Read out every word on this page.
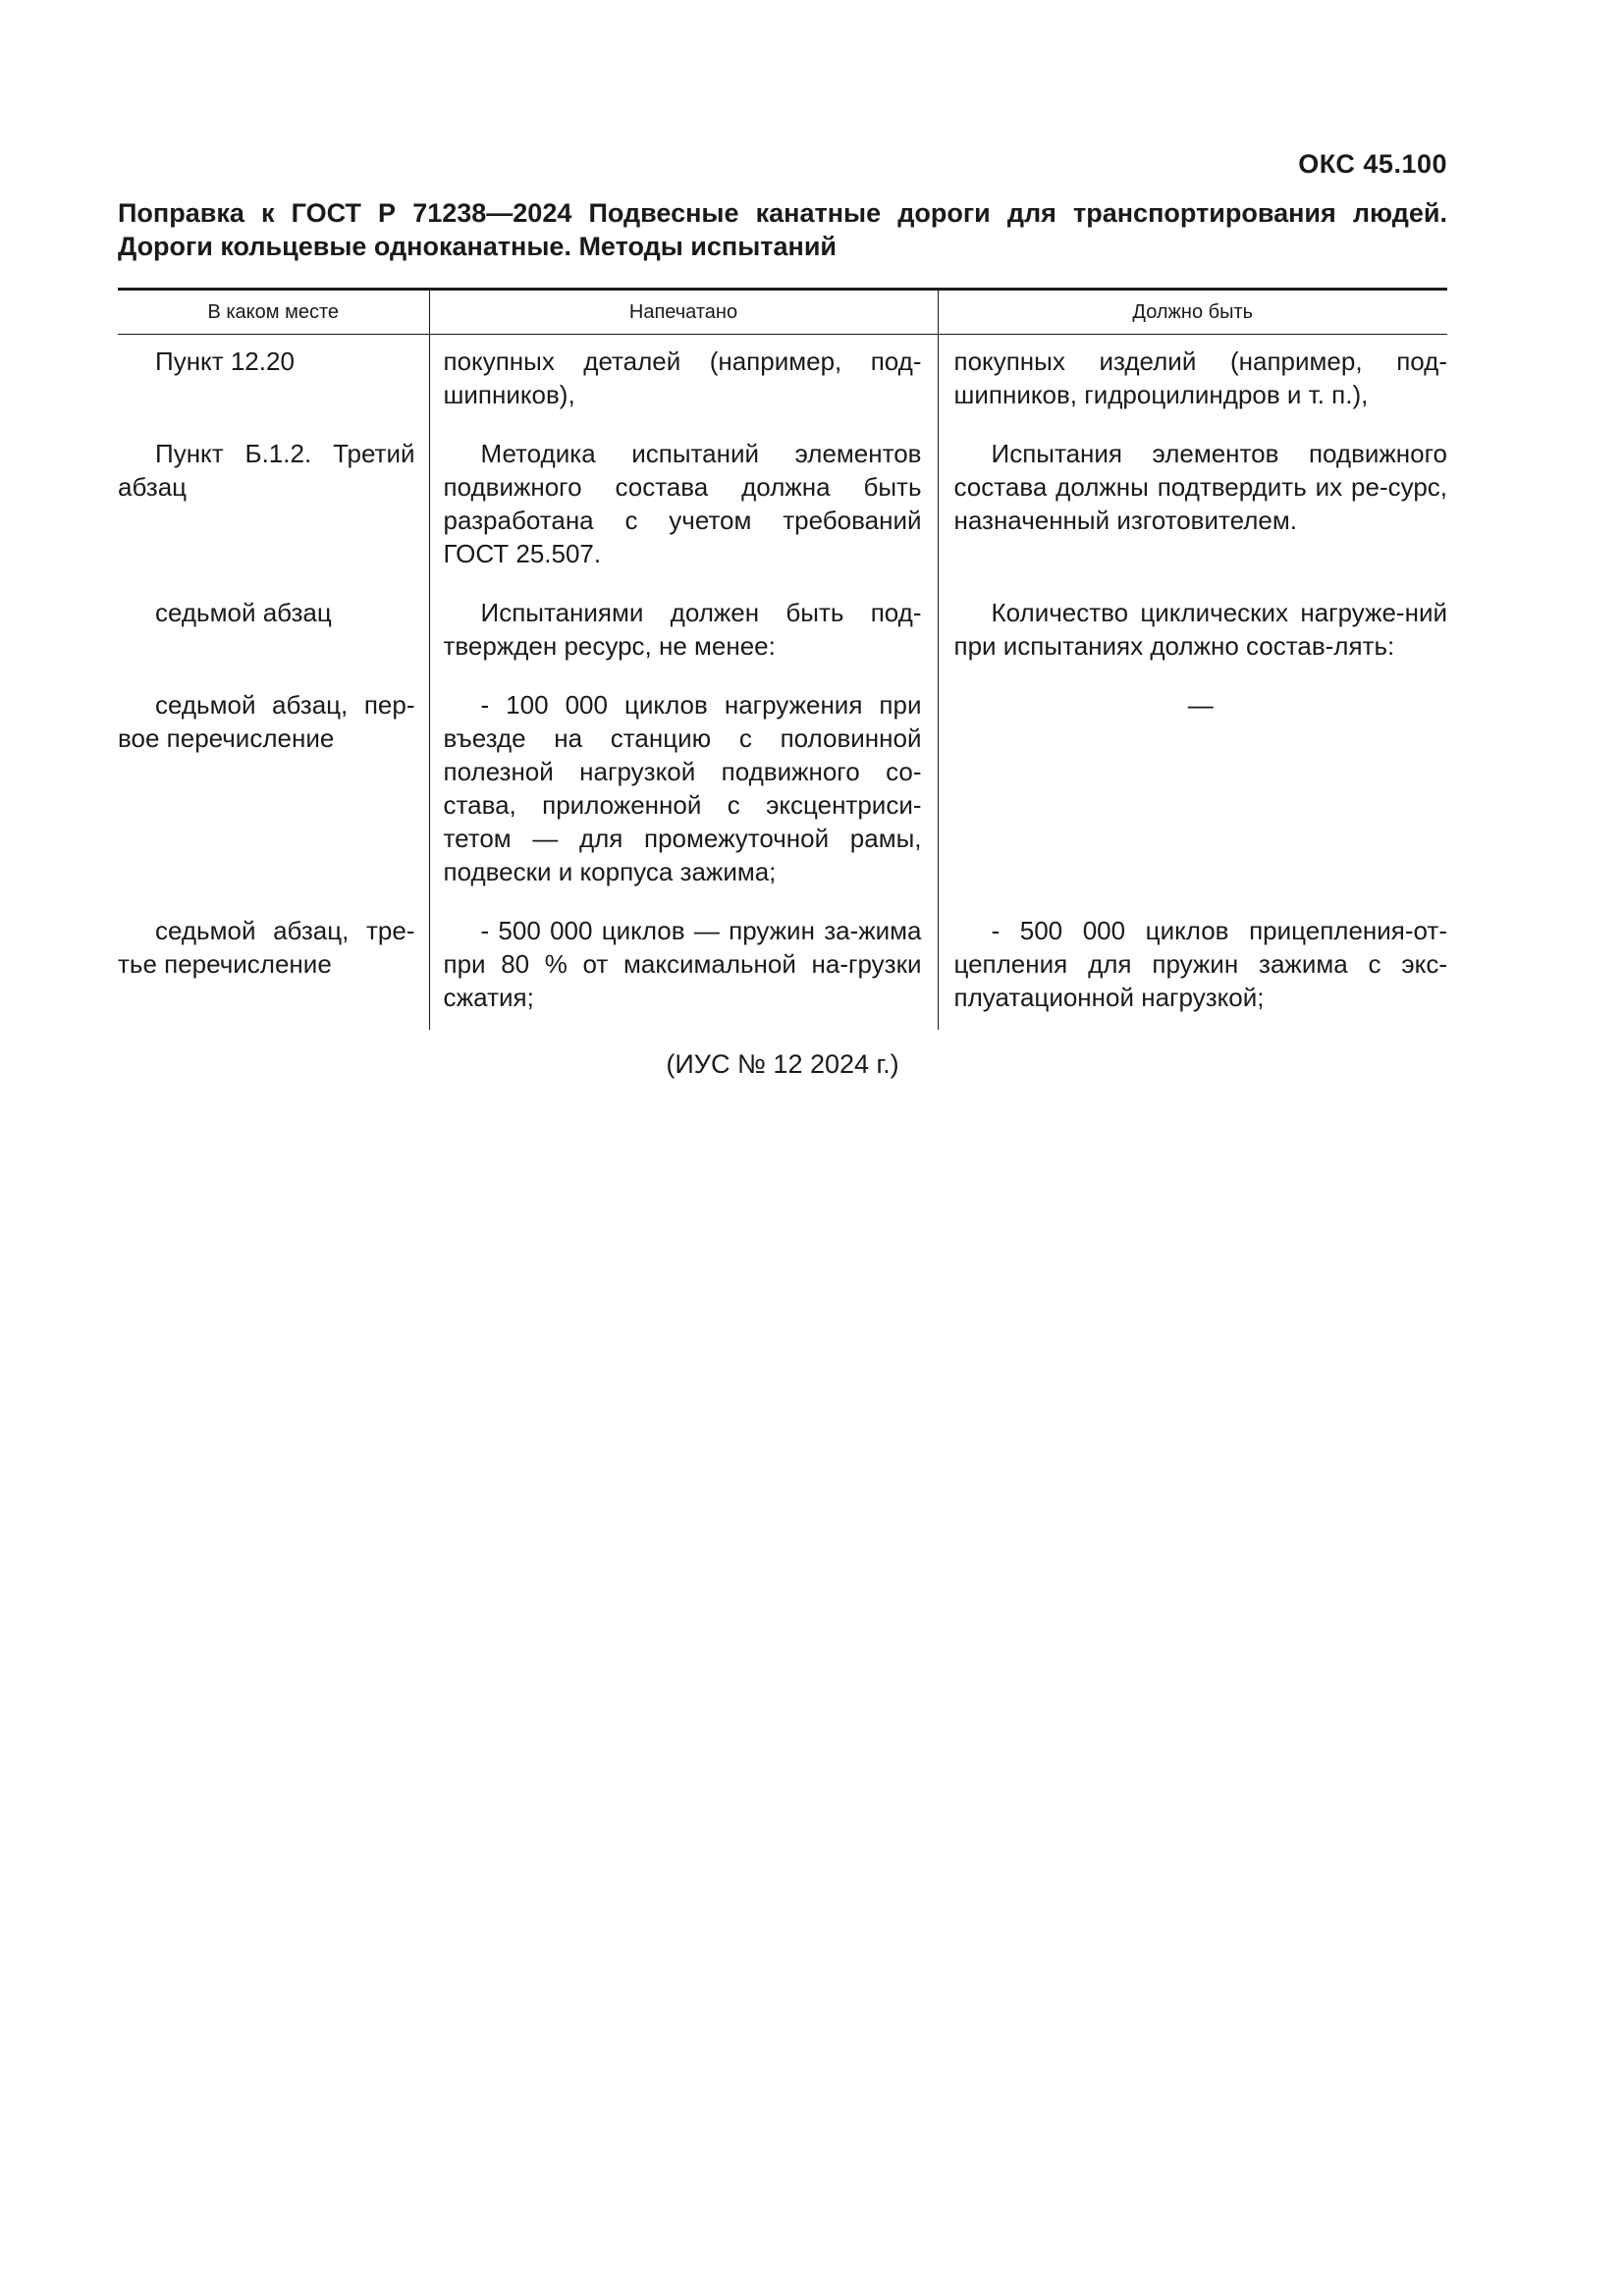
ОКС 45.100
Поправка к ГОСТ Р 71238—2024 Подвесные канатные дороги для транспортирования людей.
Дороги кольцевые одноканатные. Методы испытаний
В каком месте	Напечатано	Должно быть

Пункт 12.20	покупных деталей (например, под-шипников),	покупных изделий (например, под-шипников, гидроцилиндров и т. п.),

Пункт Б.1.2. Третий абзац	Методика испытаний элементов подвижного состава должна быть разработана с учетом требований ГОСТ 25.507.	Испытания элементов подвижного состава должны подтвердить их ре-сурс, назначенный изготовителем.

седьмой абзац	Испытаниями должен быть под-твержден ресурс, не менее:	Количество циклических нагруже-ний при испытаниях должно состав-лять:

седьмой абзац, пер-вое перечисление	- 100 000 циклов нагружения при въезде на станцию с половинной полезной нагрузкой подвижного со-става, приложенной с эксцентриси-тетом — для промежуточной рамы, подвески и корпуса зажима;	—

седьмой абзац, тре-тье перечисление	- 500 000 циклов — пружин за-жима при 80 % от максимальной на-грузки сжатия;	- 500 000 циклов прицепления-от-цепления для пружин зажима с экс-плуатационной нагрузкой;
(ИУС № 12 2024 г.)
